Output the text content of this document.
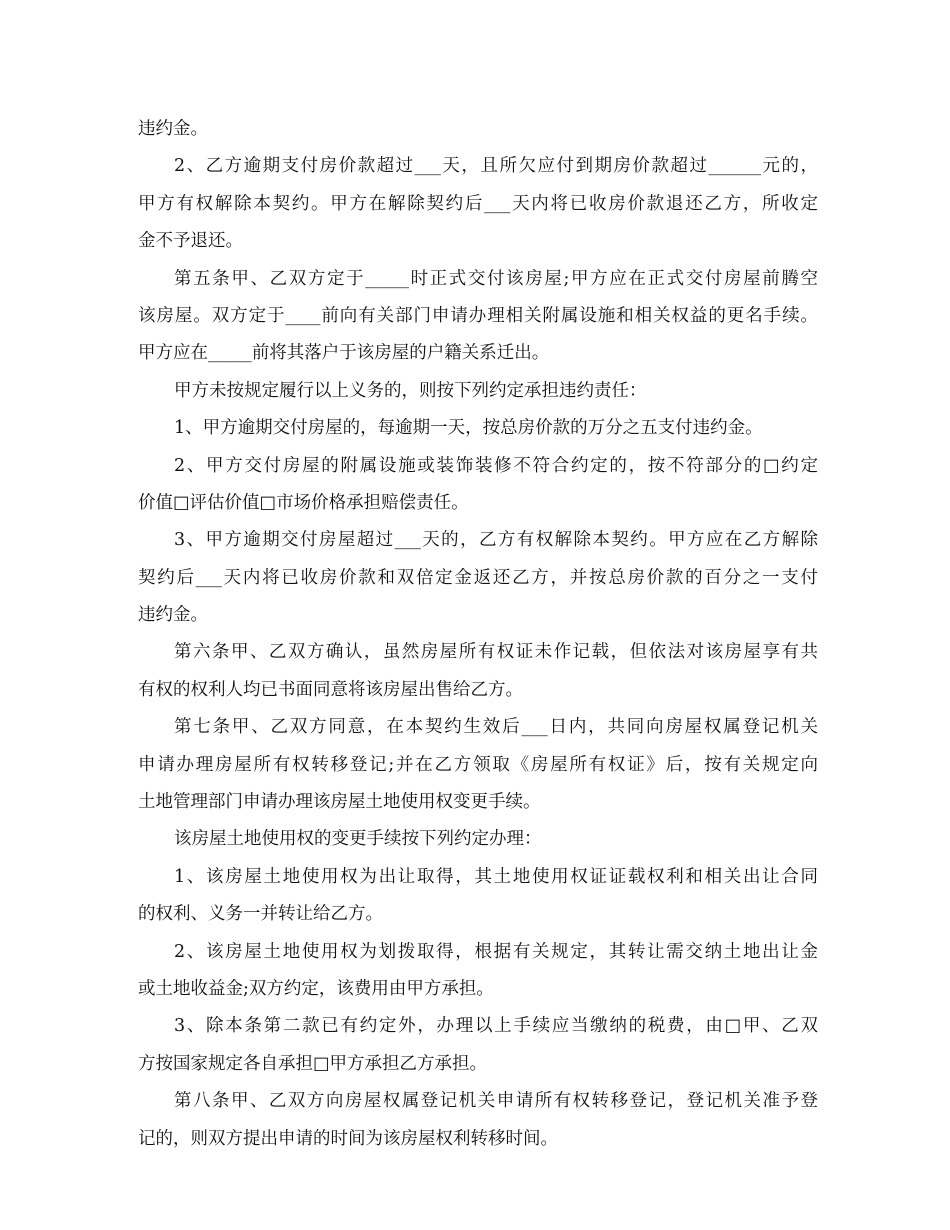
违约金。
2、乙方逾期支付房价款超过___天，且所欠应付到期房价款超过______元的，
甲方有权解除本契约。甲方在解除契约后___天内将已收房价款退还乙方，所收定
金不予退还。
第五条甲、乙双方定于_____时正式交付该房屋;甲方应在正式交付房屋前腾空
该房屋。双方定于____前向有关部门申请办理相关附属设施和相关权益的更名手续。
甲方应在_____前将其落户于该房屋的户籍关系迁出。
甲方未按规定履行以上义务的，则按下列约定承担违约责任：
1、甲方逾期交付房屋的，每逾期一天，按总房价款的万分之五支付违约金。
2、甲方交付房屋的附属设施或装饰装修不符合约定的，按不符部分的□约定
价值□评估价值□市场价格承担赔偿责任。
3、甲方逾期交付房屋超过___天的，乙方有权解除本契约。甲方应在乙方解除
契约后___天内将已收房价款和双倍定金返还乙方，并按总房价款的百分之一支付
违约金。
第六条甲、乙双方确认，虽然房屋所有权证未作记载，但依法对该房屋享有共
有权的权利人均已书面同意将该房屋出售给乙方。
第七条甲、乙双方同意，在本契约生效后___日内，共同向房屋权属登记机关
申请办理房屋所有权转移登记;并在乙方领取《房屋所有权证》后，按有关规定向
土地管理部门申请办理该房屋土地使用权变更手续。
该房屋土地使用权的变更手续按下列约定办理：
1、该房屋土地使用权为出让取得，其土地使用权证证载权利和相关出让合同
的权利、义务一并转让给乙方。
2、该房屋土地使用权为划拨取得，根据有关规定，其转让需交纳土地出让金
或土地收益金;双方约定，该费用由甲方承担。
3、除本条第二款已有约定外，办理以上手续应当缴纳的税费，由□甲、乙双
方按国家规定各自承担□甲方承担乙方承担。
第八条甲、乙双方向房屋权属登记机关申请所有权转移登记，登记机关准予登
记的，则双方提出申请的时间为该房屋权利转移时间。
